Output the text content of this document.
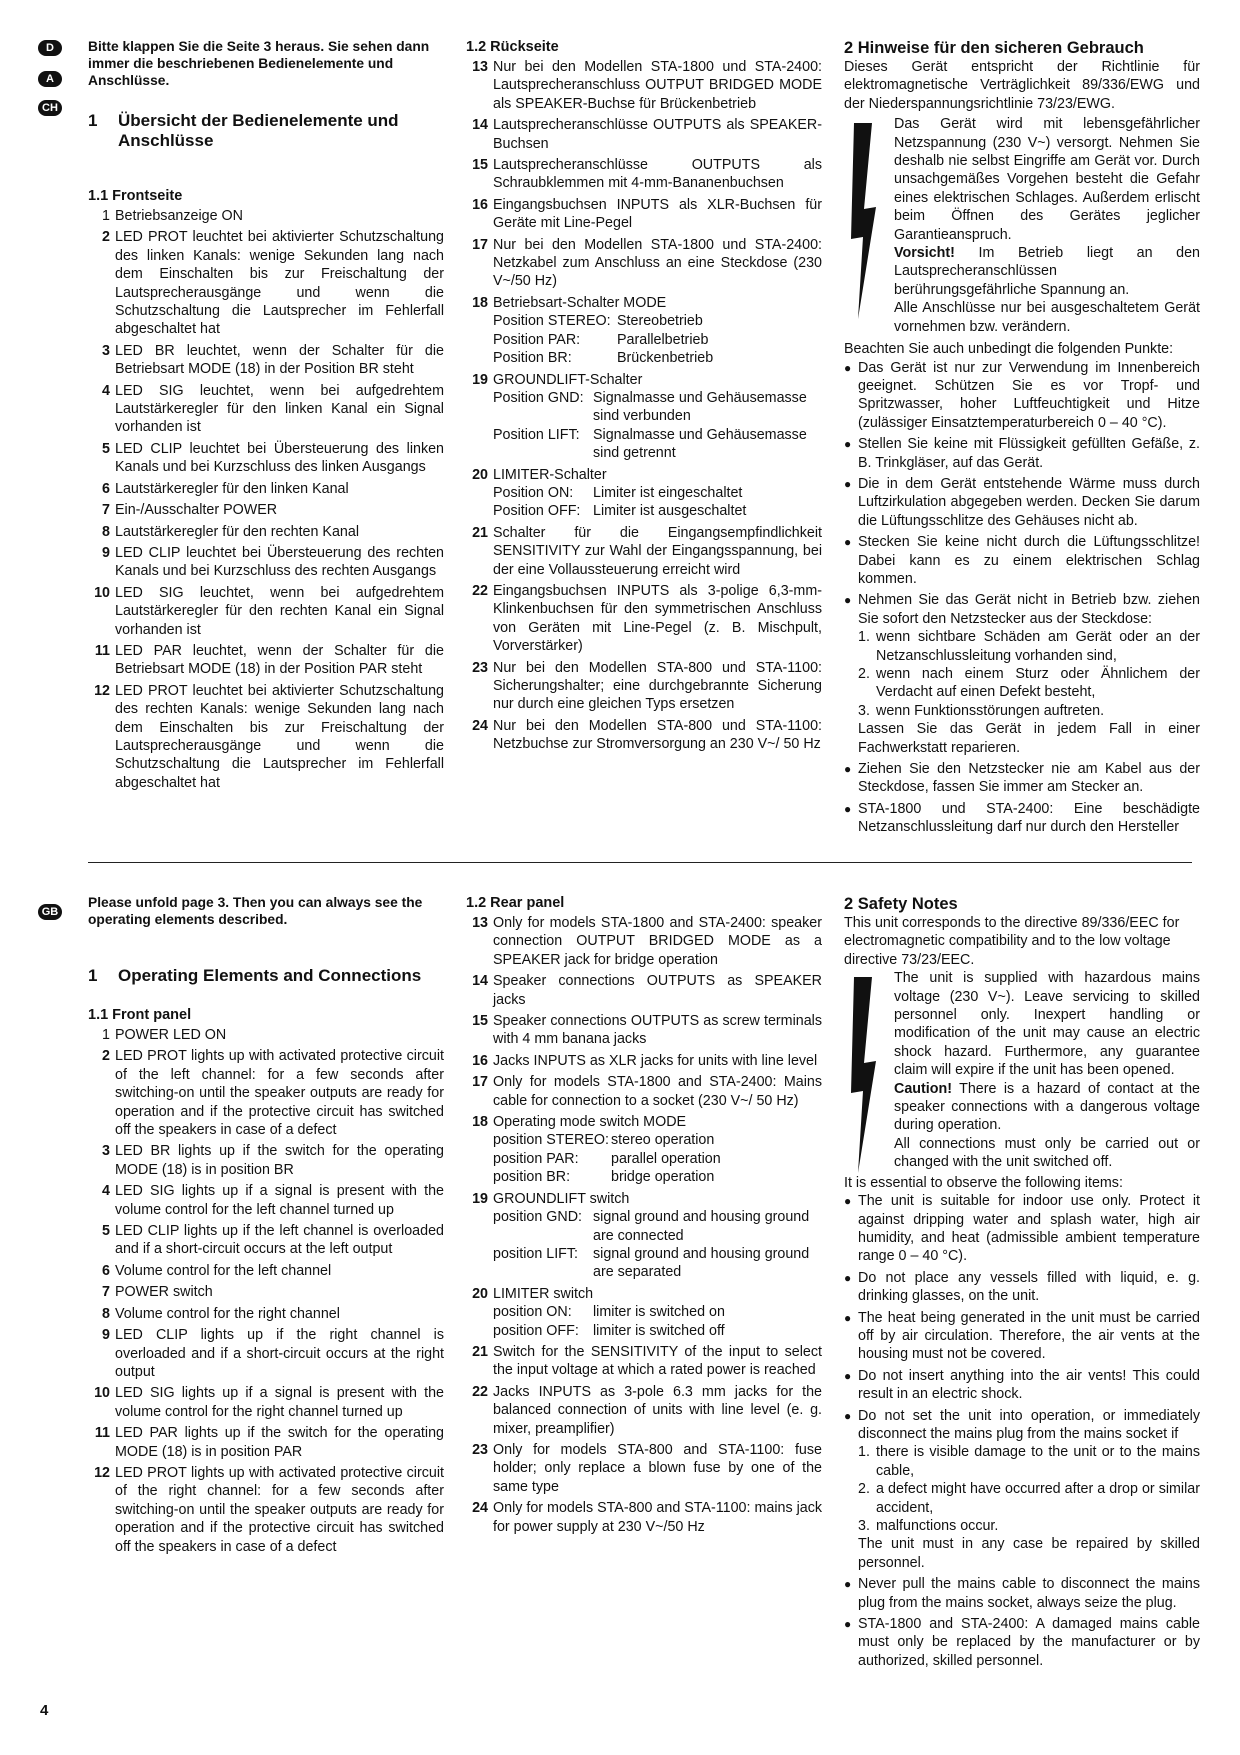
D
A
CH
GB

Bitte klappen Sie die Seite 3 heraus. Sie sehen dann immer die beschriebenen Bedienelemente und Anschlüsse.

1	Übersicht der Bedienelemente und Anschlüsse
1.1 Frontseite
1 Betriebsanzeige ON
2 LED PROT leuchtet bei aktivierter Schutzschaltung des linken Kanals: wenige Sekunden lang nach dem Einschalten bis zur Freischaltung der Lautsprecherausgänge und wenn die Schutzschaltung die Lautsprecher im Fehlerfall abgeschaltet hat
3 LED BR leuchtet, wenn der Schalter für die Betriebsart MODE (18) in der Position BR steht
4 LED SIG leuchtet, wenn bei aufgedrehtem Lautstärkeregler für den linken Kanal ein Signal vorhanden ist
5 LED CLIP leuchtet bei Übersteuerung des linken Kanals und bei Kurzschluss des linken Ausgangs
6 Lautstärkeregler für den linken Kanal
7 Ein-/Ausschalter POWER
8 Lautstärkeregler für den rechten Kanal
9 LED CLIP leuchtet bei Übersteuerung des rechten Kanals und bei Kurzschluss des rechten Ausgangs
10 LED SIG leuchtet, wenn bei aufgedrehtem Lautstärkeregler für den rechten Kanal ein Signal vorhanden ist
11 LED PAR leuchtet, wenn der Schalter für die Betriebsart MODE (18) in der Position PAR steht
12 LED PROT leuchtet bei aktivierter Schutzschaltung des rechten Kanals: wenige Sekunden lang nach dem Einschalten bis zur Freischaltung der Lautsprecherausgänge und wenn die Schutzschaltung die Lautsprecher im Fehlerfall abgeschaltet hat
1.2 Rückseite
13 Nur bei den Modellen STA-1800 und STA-2400: Lautsprecheranschluss OUTPUT BRIDGED MODE als SPEAKER-Buchse für Brückenbetrieb
14 Lautsprecheranschlüsse OUTPUTS als SPEAKER-Buchsen
15 Lautsprecheranschlüsse OUTPUTS als Schraubklemmen mit 4-mm-Bananenbuchsen
16 Eingangsbuchsen INPUTS als XLR-Buchsen für Geräte mit Line-Pegel
17 Nur bei den Modellen STA-1800 und STA-2400: Netzkabel zum Anschluss an eine Steckdose (230 V~/50 Hz)
18 Betriebsart-Schalter MODE
Position STEREO: Stereobetrieb
Position PAR:	Parallelbetrieb
Position BR:	Brückenbetrieb
19 GROUNDLIFT-Schalter
Position GND: Signalmasse und Gehäusemasse sind verbunden
Position LIFT: Signalmasse und Gehäusemasse sind getrennt
20 LIMITER-Schalter
Position ON:	Limiter ist eingeschaltet
Position OFF: Limiter ist ausgeschaltet
21 Schalter für die Eingangsempfindlichkeit SENSITIVITY zur Wahl der Eingangsspannung, bei der eine Vollaussteuerung erreicht wird
22 Eingangsbuchsen INPUTS als 3-polige 6,3-mm-Klinkenbuchsen für den symmetrischen Anschluss von Geräten mit Line-Pegel (z. B. Mischpult, Vorverstärker)
23 Nur bei den Modellen STA-800 und STA-1100: Sicherungshalter; eine durchgebrannte Sicherung nur durch eine gleichen Typs ersetzen
24 Nur bei den Modellen STA-800 und STA-1100: Netzbuchse zur Stromversorgung an 230 V~/ 50 Hz
2 Hinweise für den sicheren Gebrauch

Dieses Gerät entspricht der Richtlinie für elektromagnetische Verträglichkeit 89/336/EWG und der Niederspannungsrichtlinie 73/23/EWG.

Das Gerät wird mit lebensgefährlicher Netzspannung (230 V~) versorgt. Nehmen Sie deshalb nie selbst Eingriffe am Gerät vor. Durch unsachgemäßes Vorgehen besteht die Gefahr eines elektrischen Schlages. Außerdem erlischt beim Öffnen des Gerätes jeglicher Garantieanspruch.

Vorsicht! Im Betrieb liegt an den Lautsprecheranschlüssen berührungsgefährliche Spannung an.

Alle Anschlüsse nur bei ausgeschaltetem Gerät vornehmen bzw. verändern.

Beachten Sie auch unbedingt die folgenden Punkte:

● Das Gerät ist nur zur Verwendung im Innenbereich geeignet. Schützen Sie es vor Tropf- und Spritzwasser, hoher Luftfeuchtigkeit und Hitze (zulässiger Einsatztemperaturbereich 0 – 40 °C).
● Stellen Sie keine mit Flüssigkeit gefüllten Gefäße, z. B. Trinkgläser, auf das Gerät.
● Die in dem Gerät entstehende Wärme muss durch Luftzirkulation abgegeben werden. Decken Sie darum die Lüftungsschlitze des Gehäuses nicht ab.
● Stecken Sie keine nicht durch die Lüftungsschlitze! Dabei kann es zu einem elektrischen Schlag kommen.
● Nehmen Sie das Gerät nicht in Betrieb bzw. ziehen Sie sofort den Netzstecker aus der Steckdose:
1. wenn sichtbare Schäden am Gerät oder an der Netzanschlussleitung vorhanden sind,
2. wenn nach einem Sturz oder Ähnlichem der Verdacht auf einen Defekt besteht,
3. wenn Funktionsstörungen auftreten.
Lassen Sie das Gerät in jedem Fall in einer Fachwerkstatt reparieren.
● Ziehen Sie den Netzstecker nie am Kabel aus der Steckdose, fassen Sie immer am Stecker an.
● STA-1800 und STA-2400: Eine beschädigte Netzanschlussleitung darf nur durch den Hersteller

Please unfold page 3. Then you can always see the operating elements described.

1	Operating Elements and Connections
1.1 Front panel
1 POWER LED ON
2 LED PROT lights up with activated protective circuit of the left channel: for a few seconds after switching-on until the speaker outputs are ready for operation and if the protective circuit has switched off the speakers in case of a defect
3 LED BR lights up if the switch for the operating MODE (18) is in position BR
4 LED SIG lights up if a signal is present with the volume control for the left channel turned up
5 LED CLIP lights up if the left channel is overloaded and if a short-circuit occurs at the left output
6 Volume control for the left channel
7 POWER switch
8 Volume control for the right channel
9 LED CLIP lights up if the right channel is overloaded and if a short-circuit occurs at the right output
10 LED SIG lights up if a signal is present with the volume control for the right channel turned up
11 LED PAR lights up if the switch for the operating MODE (18) is in position PAR
12 LED PROT lights up with activated protective circuit of the right channel: for a few seconds after switching-on until the speaker outputs are ready for operation and if the protective circuit has switched off the speakers in case of a defect
1.2 Rear panel
13 Only for models STA-1800 and STA-2400: speaker connection OUTPUT BRIDGED MODE as a SPEAKER jack for bridge operation
14 Speaker connections OUTPUTS as SPEAKER jacks
15 Speaker connections OUTPUTS as screw terminals with 4 mm banana jacks
16 Jacks INPUTS as XLR jacks for units with line level
17 Only for models STA-1800 and STA-2400: Mains cable for connection to a socket (230 V~/ 50 Hz)
18 Operating mode switch MODE
position STEREO: stereo operation
position PAR:	parallel operation
position BR:	bridge operation
19 GROUNDLIFT switch
position GND: signal ground and housing ground are connected
position LIFT:	signal ground and housing ground are separated
20 LIMITER switch
position ON:	limiter is switched on
position OFF: limiter is switched off
21 Switch for the SENSITIVITY of the input to select the input voltage at which a rated power is reached
22 Jacks INPUTS as 3-pole 6.3 mm jacks for the balanced connection of units with line level (e. g. mixer, preamplifier)
23 Only for models STA-800 and STA-1100: fuse holder; only replace a blown fuse by one of the same type
24 Only for models STA-800 and STA-1100: mains jack for power supply at 230 V~/50 Hz
2 Safety Notes

This unit corresponds to the directive 89/336/EEC for electromagnetic compatibility and to the low voltage directive 73/23/EEC.

The unit is supplied with hazardous mains voltage (230 V~). Leave servicing to skilled personnel only. Inexpert handling or modification of the unit may cause an electric shock hazard. Furthermore, any guarantee claim will expire if the unit has been opened.

Caution! There is a hazard of contact at the speaker connections with a dangerous voltage during operation.

All connections must only be carried out or changed with the unit switched off.

It is essential to observe the following items:

● The unit is suitable for indoor use only. Protect it against dripping water and splash water, high air humidity, and heat (admissible ambient temperature range 0 – 40 °C).
● Do not place any vessels filled with liquid, e. g. drinking glasses, on the unit.
● The heat being generated in the unit must be carried off by air circulation. Therefore, the air vents at the housing must not be covered.
● Do not insert anything into the air vents! This could result in an electric shock.
● Do not set the unit into operation, or immediately disconnect the mains plug from the mains socket if
1. there is visible damage to the unit or to the mains cable,
2. a defect might have occurred after a drop or similar accident,
3. malfunctions occur.
The unit must in any case be repaired by skilled personnel.
● Never pull the mains cable to disconnect the mains plug from the mains socket, always seize the plug.
● STA-1800 and STA-2400: A damaged mains cable must only be replaced by the manufacturer or by authorized, skilled personnel.
4
